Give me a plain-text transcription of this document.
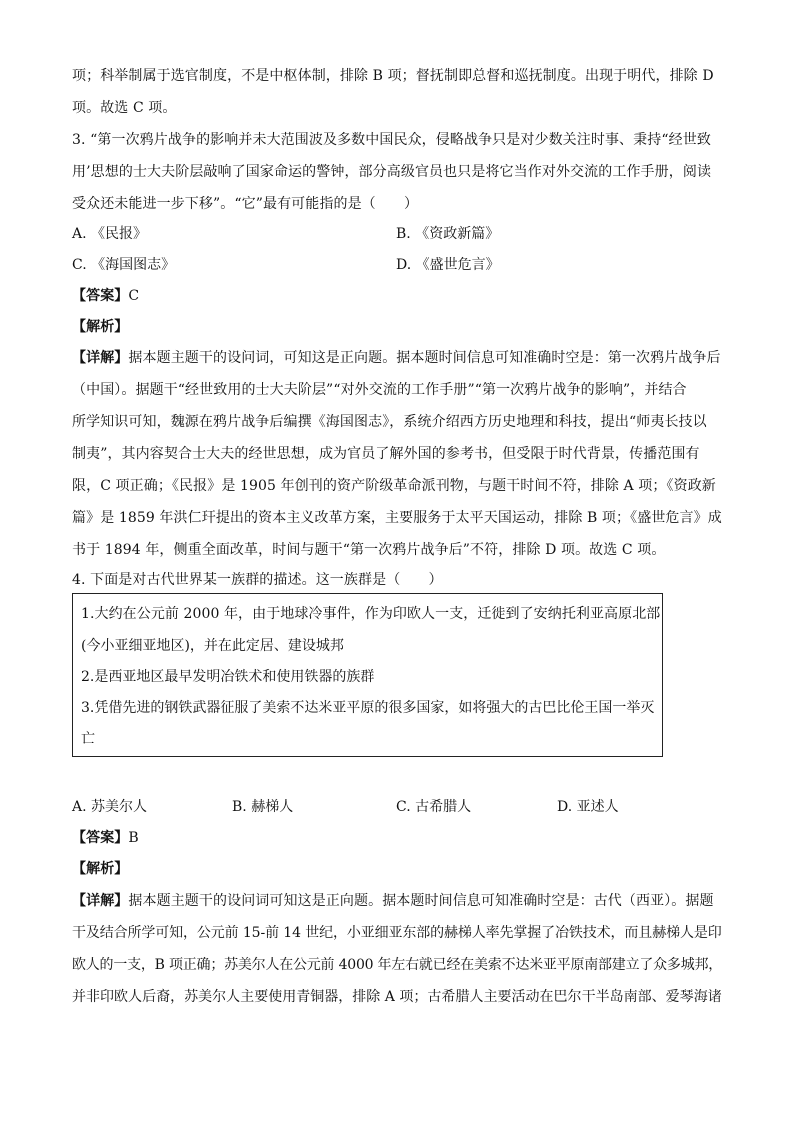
项；科举制属于选官制度，不是中枢体制，排除 B 项；督抚制即总督和巡抚制度。出现于明代，排除 D
项。故选 C 项。
3. “第一次鸦片战争的影响并未大范围波及多数中国民众，侵略战争只是对少数关注时事、秉持“经世致
用’思想的士大夫阶层敲响了国家命运的警钟，部分高级官员也只是将它当作对外交流的工作手册，阅读
受众还未能进一步下移”。“它”最有可能指的是（　　）
A. 《民报》	B. 《资政新篇》
C. 《海国图志》	D. 《盛世危言》
【答案】C
【解析】
【详解】据本题主题干的设问词，可知这是正向题。据本题时间信息可知准确时空是：第一次鸦片战争后
（中国）。据题干“经世致用的士大夫阶层”“对外交流的工作手册”“第一次鸦片战争的影响”，并结合
所学知识可知，魏源在鸦片战争后编撰《海国图志》，系统介绍西方历史地理和科技，提出“师夷长技以
制夷”，其内容契合士大夫的经世思想，成为官员了解外国的参考书，但受限于时代背景，传播范围有
限，C 项正确；《民报》是 1905 年创刊的资产阶级革命派刊物，与题干时间不符，排除 A 项；《资政新
篇》是 1859 年洪仁玕提出的资本主义改革方案，主要服务于太平天国运动，排除 B 项；《盛世危言》成
书于 1894 年，侧重全面改革，时间与题干“第一次鸦片战争后”不符，排除 D 项。故选 C 项。
4. 下面是对古代世界某一族群的描述。这一族群是（　　）
1.大约在公元前 2000 年，由于地球冷事件，作为印欧人一支，迁徙到了安纳托利亚高原北部
(今小亚细亚地区)，并在此定居、建设城邦
2.是西亚地区最早发明冶铁术和使用铁器的族群
3.凭借先进的钢铁武器征服了美索不达米亚平原的很多国家，如将强大的古巴比伦王国一举灭
亡
A. 苏美尔人	B. 赫梯人	C. 古希腊人	D. 亚述人
【答案】B
【解析】
【详解】据本题主题干的设问词可知这是正向题。据本题时间信息可知准确时空是：古代（西亚）。据题
干及结合所学可知，公元前 15-前 14 世纪，小亚细亚东部的赫梯人率先掌握了冶铁技术，而且赫梯人是印
欧人的一支，B 项正确；苏美尔人在公元前 4000 年左右就已经在美索不达米亚平原南部建立了众多城邦，
并非印欧人后裔，苏美尔人主要使用青铜器，排除 A 项；古希腊人主要活动在巴尔干半岛南部、爱琴海诸
